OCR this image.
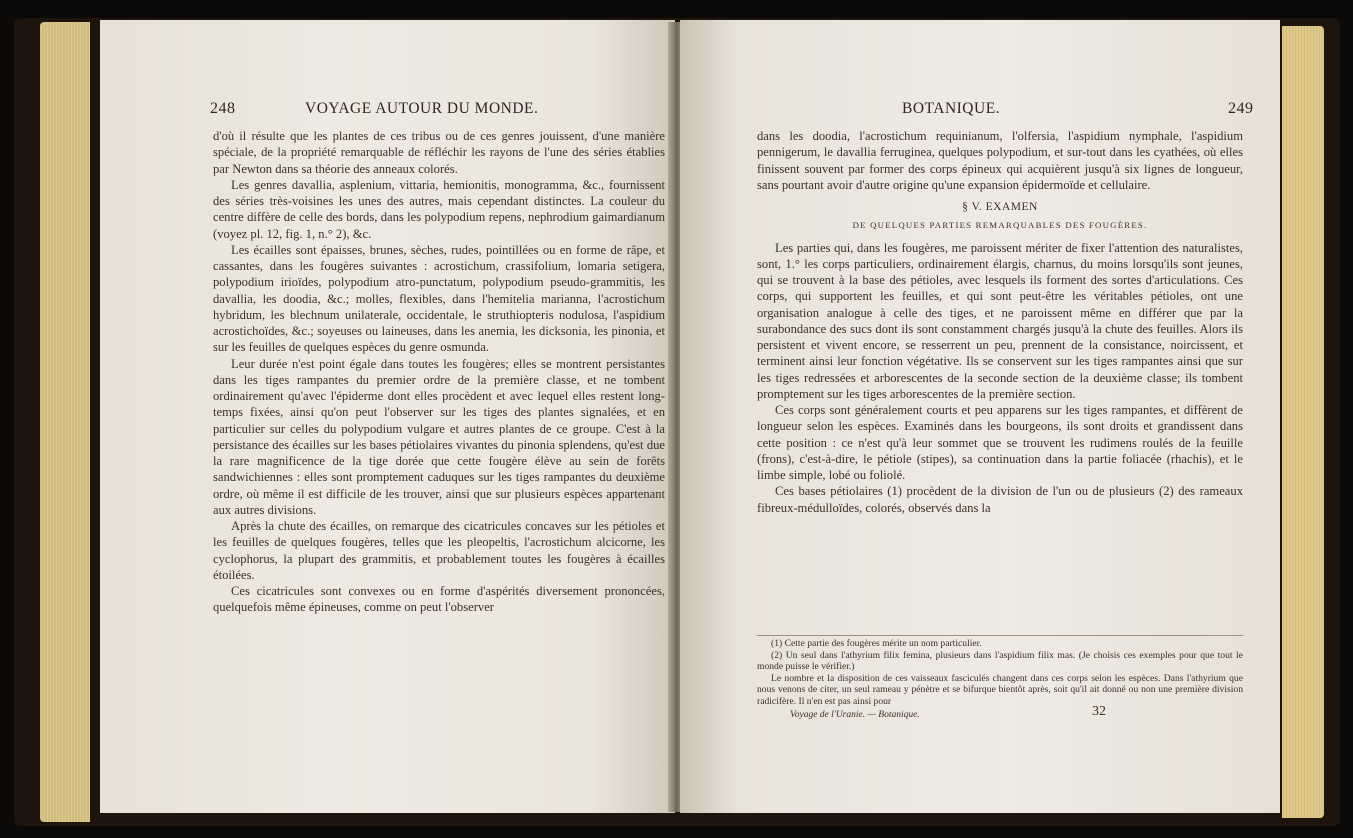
248	VOYAGE AUTOUR DU MONDE.

d'où il résulte que les plantes de ces tribus ou de ces genres jouissent, d'une manière spéciale, de la propriété remarquable de réfléchir les rayons de l'une des séries établies par Newton dans sa théorie des anneaux colorés.

Les genres davallia, asplenium, vittaria, hemionitis, monogramma, &c., fournissent des séries très-voisines les unes des autres, mais cependant distinctes. La couleur du centre diffère de celle des bords, dans les polypodium repens, nephrodium gaimardianum (voyez pl. 12, fig. 1, n.° 2), &c.

Les écailles sont épaisses, brunes, sèches, rudes, pointillées ou en forme de râpe, et cassantes, dans les fougères suivantes : acrostichum, crassifolium, lomaria setigera, polypodium irioïdes, polypodium atro-punctatum, polypodium pseudo-grammitis, les davallia, les doodia, &c.; molles, flexibles, dans l'hemitelia marianna, l'acrostichum hybridum, les blechnum unilaterale, occidentale, le struthiopteris nodulosa, l'aspidium acrostichoïdes, &c.; soyeuses ou laineuses, dans les anemia, les dicksonia, les pinonia, et sur les feuilles de quelques espèces du genre osmunda.

Leur durée n'est point égale dans toutes les fougères; elles se montrent persistantes dans les tiges rampantes du premier ordre de la première classe, et ne tombent ordinairement qu'avec l'épiderme dont elles procèdent et avec lequel elles restent long-temps fixées, ainsi qu'on peut l'observer sur les tiges des plantes signalées, et en particulier sur celles du polypodium vulgare et autres plantes de ce groupe. C'est à la persistance des écailles sur les bases pétiolaires vivantes du pinonia splendens, qu'est due la rare magnificence de la tige dorée que cette fougère élève au sein de forêts sandwichiennes : elles sont promptement caduques sur les tiges rampantes du deuxième ordre, où même il est difficile de les trouver, ainsi que sur plusieurs espèces appartenant aux autres divisions.

Après la chute des écailles, on remarque des cicatricules concaves sur les pétioles et les feuilles de quelques fougères, telles que les pleopeltis, l'acrostichum alcicorne, les cyclophorus, la plupart des grammitis, et probablement toutes les fougères à écailles étoilées.

Ces cicatricules sont convexes ou en forme d'aspérités diversement prononcées, quelquefois même épineuses, comme on peut l'observer

BOTANIQUE.	249

dans les doodia, l'acrostichum requinianum, l'olfersia, l'aspidium nymphale, l'aspidium pennigerum, le davallia ferruginea, quelques polypodium, et sur-tout dans les cyathées, où elles finissent souvent par former des corps épineux qui acquièrent jusqu'à six lignes de longueur, sans pourtant avoir d'autre origine qu'une expansion épidermoïde et cellulaire.

§ V. EXAMEN
DE QUELQUES PARTIES REMARQUABLES DES FOUGÈRES.

Les parties qui, dans les fougères, me paroissent mériter de fixer l'attention des naturalistes, sont, 1.° les corps particuliers, ordinairement élargis, charnus, du moins lorsqu'ils sont jeunes, qui se trouvent à la base des pétioles, avec lesquels ils forment des sortes d'articulations. Ces corps, qui supportent les feuilles, et qui sont peut-être les véritables pétioles, ont une organisation analogue à celle des tiges, et ne paroissent même en différer que par la surabondance des sucs dont ils sont constamment chargés jusqu'à la chute des feuilles. Alors ils persistent et vivent encore, se resserrent un peu, prennent de la consistance, noircissent, et terminent ainsi leur fonction végétative. Ils se conservent sur les tiges rampantes ainsi que sur les tiges redressées et arborescentes de la seconde section de la deuxième classe; ils tombent promptement sur les tiges arborescentes de la première section.

Ces corps sont généralement courts et peu apparens sur les tiges rampantes, et diffèrent de longueur selon les espèces. Examinés dans les bourgeons, ils sont droits et grandissent dans cette position : ce n'est qu'à leur sommet que se trouvent les rudimens roulés de la feuille (frons), c'est-à-dire, le pétiole (stipes), sa continuation dans la partie foliacée (rhachis), et le limbe simple, lobé ou foliolé.

Ces bases pétiolaires (1) procèdent de la division de l'un ou de plusieurs (2) des rameaux fibreux-médulloïdes, colorés, observés dans la

(1) Cette partie des fougères mérite un nom particulier.

(2) Un seul dans l'athyrium filix femina, plusieurs dans l'aspidium filix mas. (Je choisis ces exemples pour que tout le monde puisse le vérifier.)

Le nombre et la disposition de ces vaisseaux fasciculés changent dans ces corps selon les espèces. Dans l'athyrium que nous venons de citer, un seul rameau y pénètre et se bifurque bientôt après, soit qu'il ait donné ou non une première division radicifère. Il n'en est pas ainsi pour

Voyage de l'Uranie. — Botanique.	32
